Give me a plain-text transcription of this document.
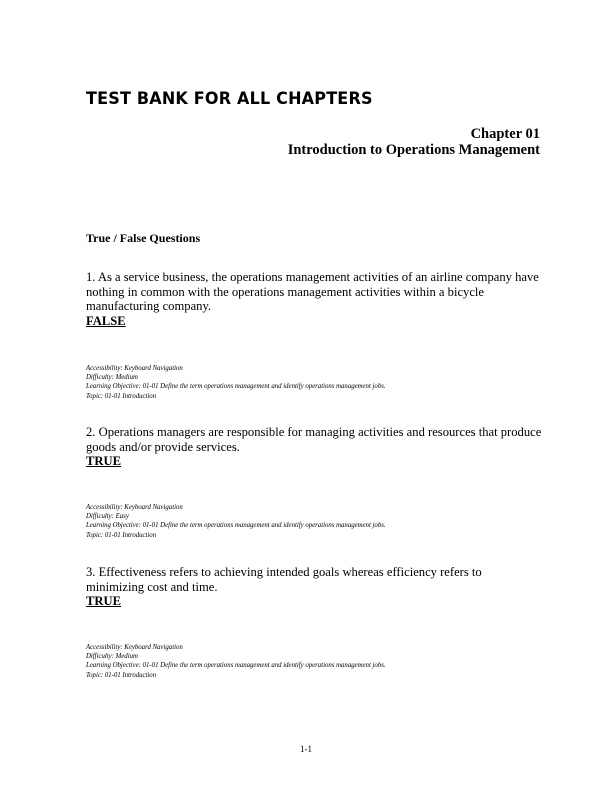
TEST BANK FOR ALL CHAPTERS
Chapter 01
Introduction to Operations Management
True / False Questions
1. As a service business, the operations management activities of an airline company have nothing in common with the operations management activities within a bicycle manufacturing company.
FALSE
Accessibility: Keyboard Navigation
Difficulty: Medium
Learning Objective: 01-01 Define the term operations management and identify operations management jobs.
Topic: 01-01 Introduction
2. Operations managers are responsible for managing activities and resources that produce goods and/or provide services.
TRUE
Accessibility: Keyboard Navigation
Difficulty: Easy
Learning Objective: 01-01 Define the term operations management and identify operations management jobs.
Topic: 01-01 Introduction
3. Effectiveness refers to achieving intended goals whereas efficiency refers to minimizing cost and time.
TRUE
Accessibility: Keyboard Navigation
Difficulty: Medium
Learning Objective: 01-01 Define the term operations management and identify operations management jobs.
Topic: 01-01 Introduction
1-1
